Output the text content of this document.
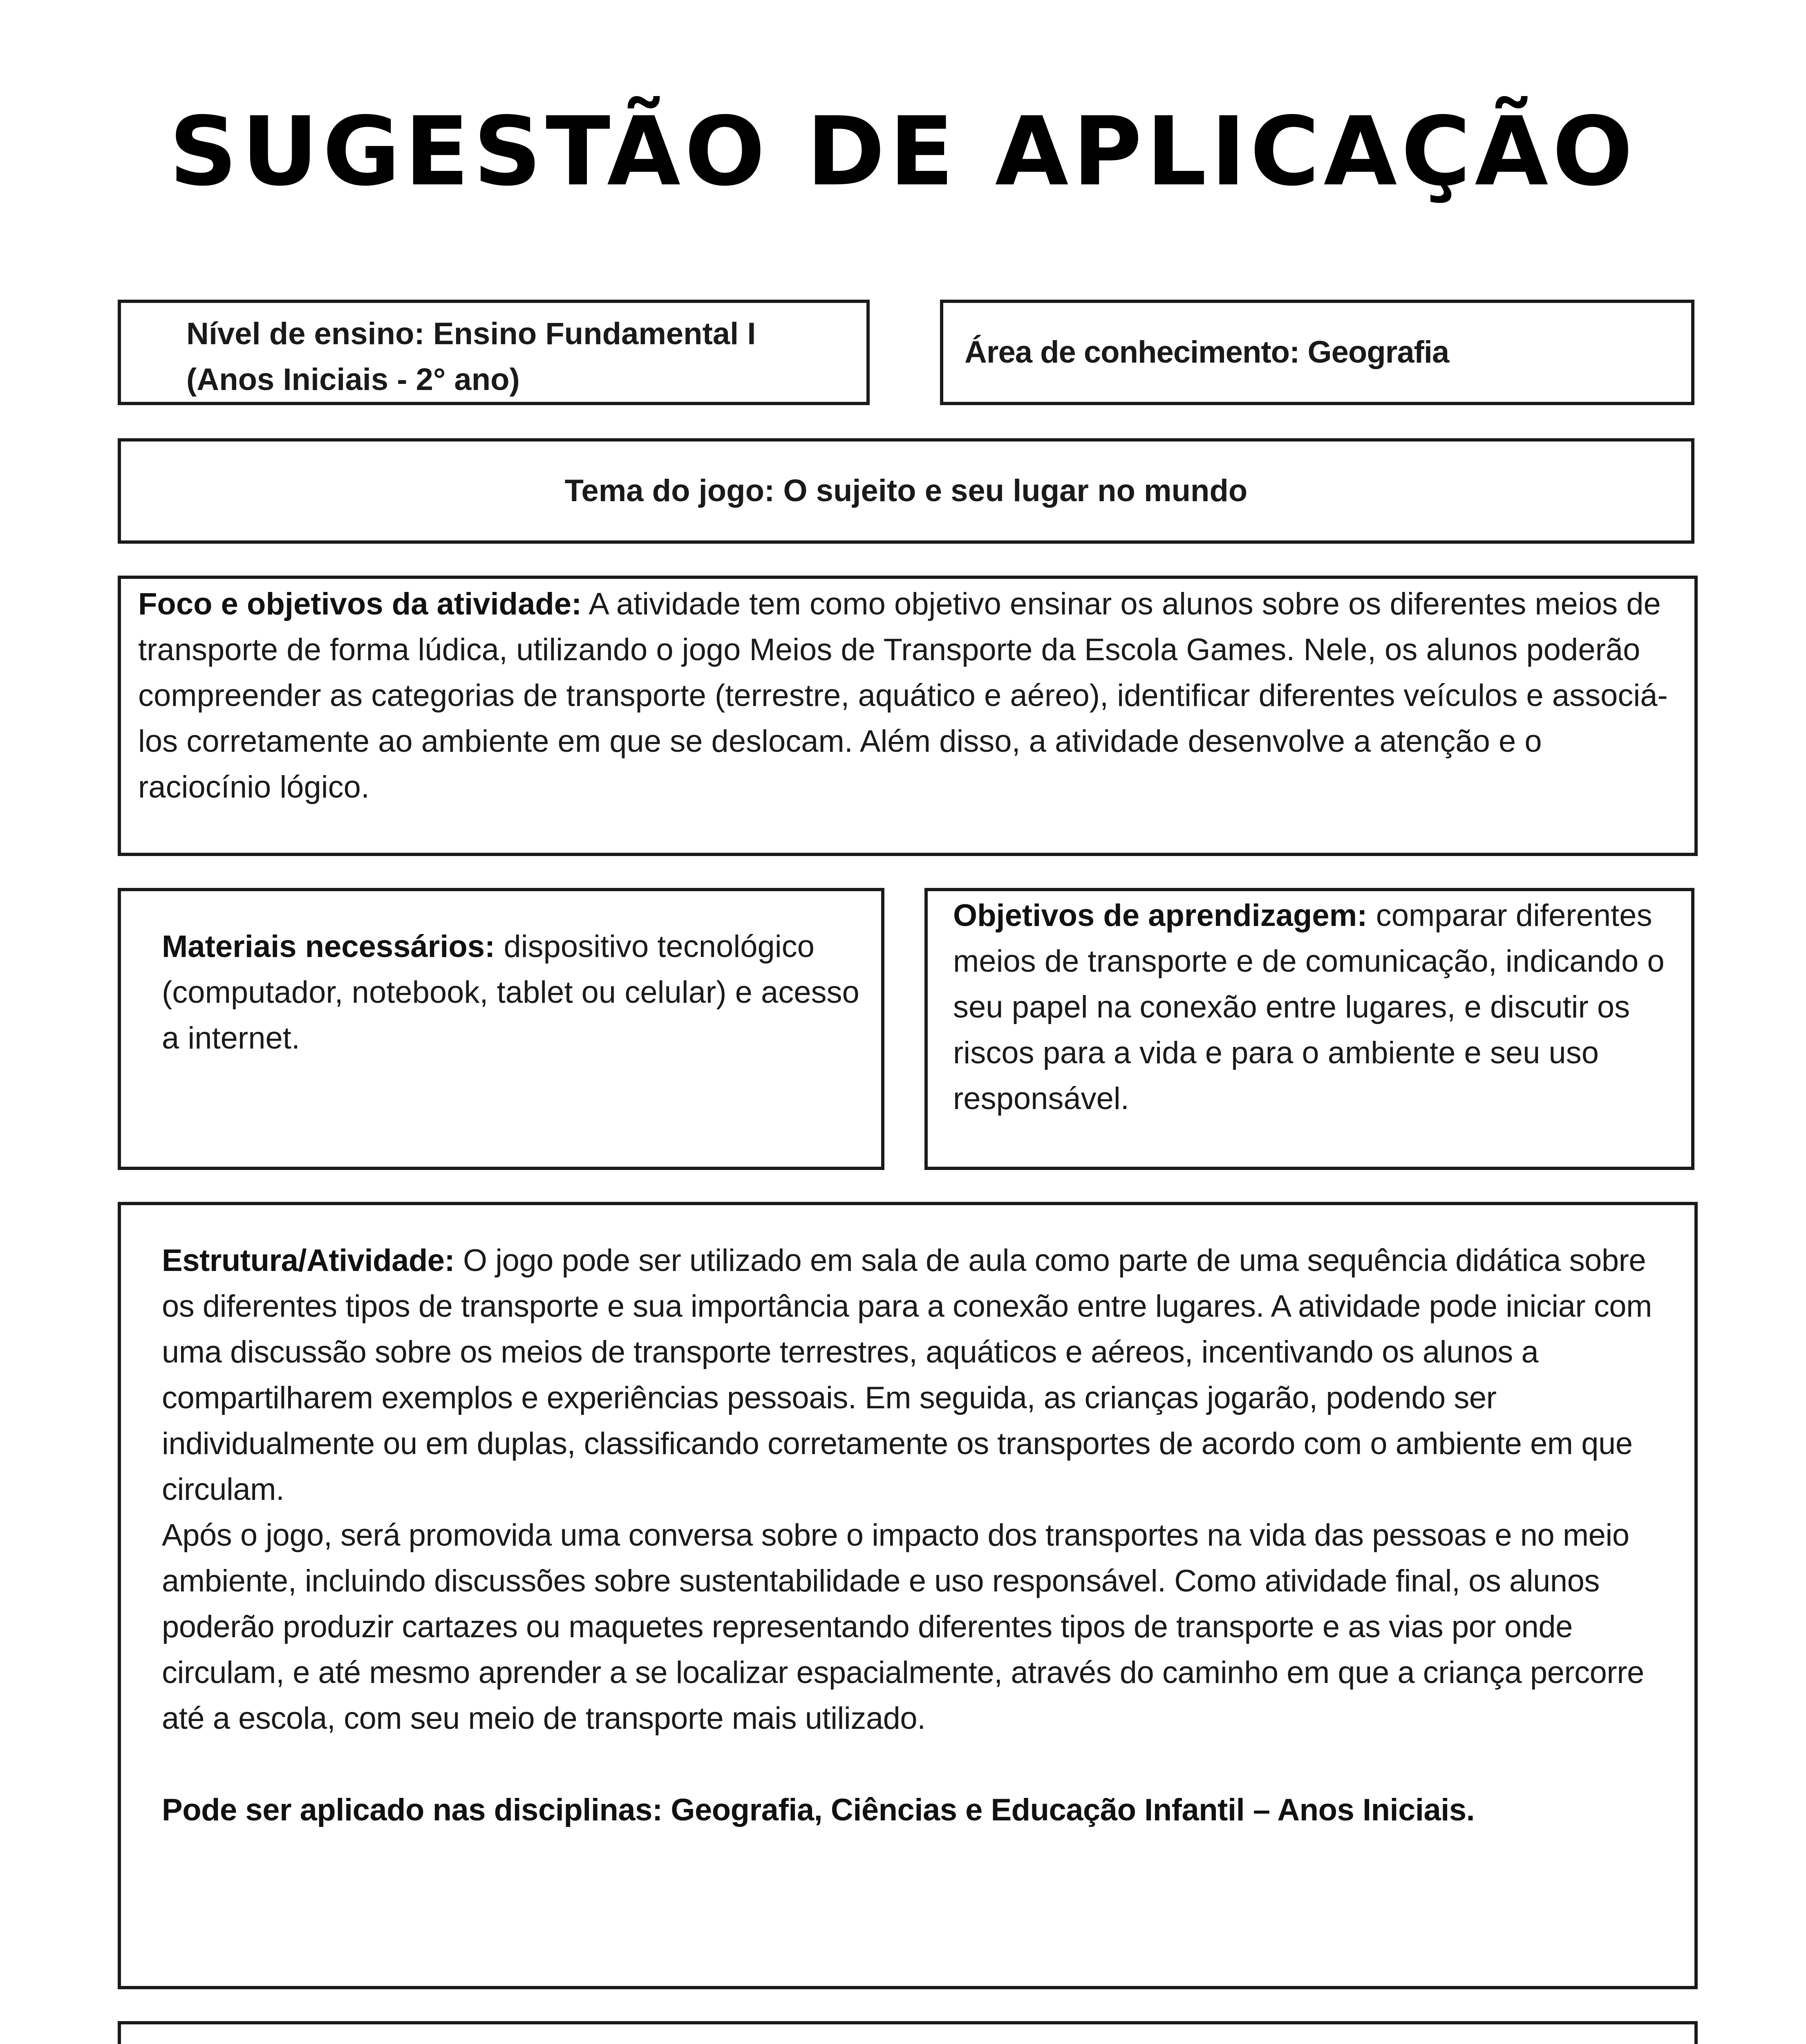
SUGESTÃO DE APLICAÇÃO
Nível de ensino: Ensino Fundamental I
(Anos Iniciais - 2° ano)
Área de conhecimento: Geografia
Tema do jogo: O sujeito e seu lugar no mundo

Foco e objetivos da atividade: A atividade tem como objetivo ensinar os alunos sobre os diferentes meios de transporte de forma lúdica, utilizando o jogo Meios de Transporte da Escola Games. Nele, os alunos poderão compreender as categorias de transporte (terrestre, aquático e aéreo), identificar diferentes veículos e associá-los corretamente ao ambiente em que se deslocam. Além disso, a atividade desenvolve a atenção e o raciocínio lógico.

Materiais necessários: dispositivo tecnológico (computador, notebook, tablet ou celular) e acesso a internet.

Objetivos de aprendizagem: comparar diferentes meios de transporte e de comunicação, indicando o seu papel na conexão entre lugares, e discutir os riscos para a vida e para o ambiente e seu uso responsável.

Estrutura/Atividade: O jogo pode ser utilizado em sala de aula como parte de uma sequência didática sobre os diferentes tipos de transporte e sua importância para a conexão entre lugares. A atividade pode iniciar com uma discussão sobre os meios de transporte terrestres, aquáticos e aéreos, incentivando os alunos a compartilharem exemplos e experiências pessoais. Em seguida, as crianças jogarão, podendo ser individualmente ou em duplas, classificando corretamente os transportes de acordo com o ambiente em que circulam.

Após o jogo, será promovida uma conversa sobre o impacto dos transportes na vida das pessoas e no meio ambiente, incluindo discussões sobre sustentabilidade e uso responsável. Como atividade final, os alunos poderão produzir cartazes ou maquetes representando diferentes tipos de transporte e as vias por onde circulam, e até mesmo aprender a se localizar espacialmente, através do caminho em que a criança percorre até a escola, com seu meio de transporte mais utilizado.

Pode ser aplicado nas disciplinas: Geografia, Ciências e Educação Infantil – Anos Iniciais.
